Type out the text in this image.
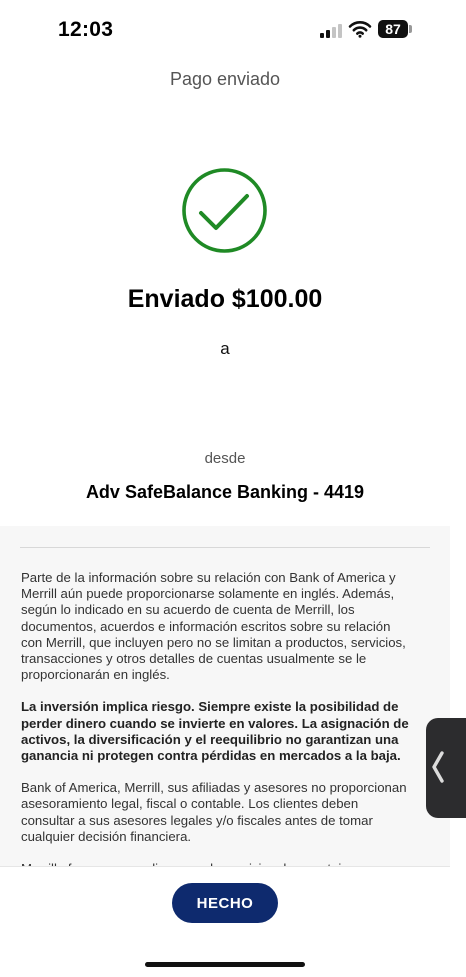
12:03	87
Pago enviado
Enviado $100.00
a
desde
Adv SafeBalance Banking - 4419

Parte de la información sobre su relación con Bank of America y
Merrill aún puede proporcionarse solamente en inglés. Además,
según lo indicado en su acuerdo de cuenta de Merrill, los
documentos, acuerdos e información escritos sobre su relación
con Merrill, que incluyen pero no se limitan a productos, servicios,
transacciones y otros detalles de cuentas usualmente se le
proporcionarán en inglés.

La inversión implica riesgo. Siempre existe la posibilidad de
perder dinero cuando se invierte en valores. La asignación de
activos, la diversificación y el reequilibrio no garantizan una
ganancia ni protegen contra pérdidas en mercados a la baja.

Bank of America, Merrill, sus afiliadas y asesores no proporcionan
asesoramiento legal, fiscal o contable. Los clientes deben
consultar a sus asesores legales y/o fiscales antes de tomar
cualquier decisión financiera.

HECHO
